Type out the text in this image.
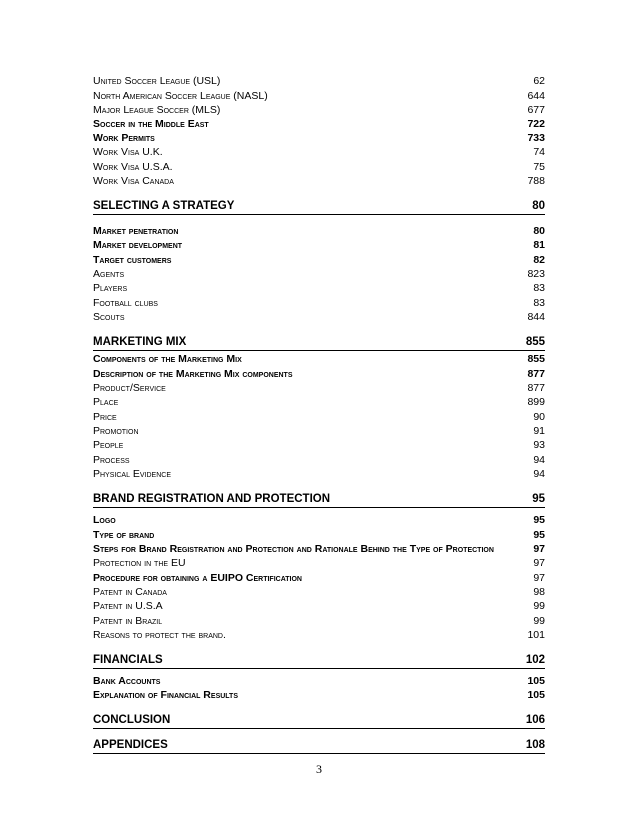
United Soccer League (USL)	62
North American Soccer League (NASL)	644
Major League Soccer (MLS)	677
Soccer in the Middle East	722
Work Permits	733
Work Visa U.K.	74
Work Visa U.S.A.	75
Work Visa Canada	788
SELECTING A STRATEGY	80
Market penetration	80
Market development	81
Target customers	82
Agents	823
Players	83
Football clubs	83
Scouts	844
MARKETING MIX	855
Components of the Marketing Mix	855
Description of the Marketing Mix components	877
Product/Service	877
Place	899
Price	90
Promotion	91
People	93
Process	94
Physical Evidence	94
BRAND REGISTRATION AND PROTECTION	95
Logo	95
Type of brand	95
Steps for Brand Registration and Protection and Rationale Behind the Type of Protection	97
Protection in the EU	97
Procedure for obtaining a EUIPO Certification	97
Patent in Canada	98
Patent in U.S.A	99
Patent in Brazil	99
Reasons to protect the brand.	101
FINANCIALS	102
Bank Accounts	105
Explanation of Financial Results	105
CONCLUSION	106
APPENDICES	108
3
